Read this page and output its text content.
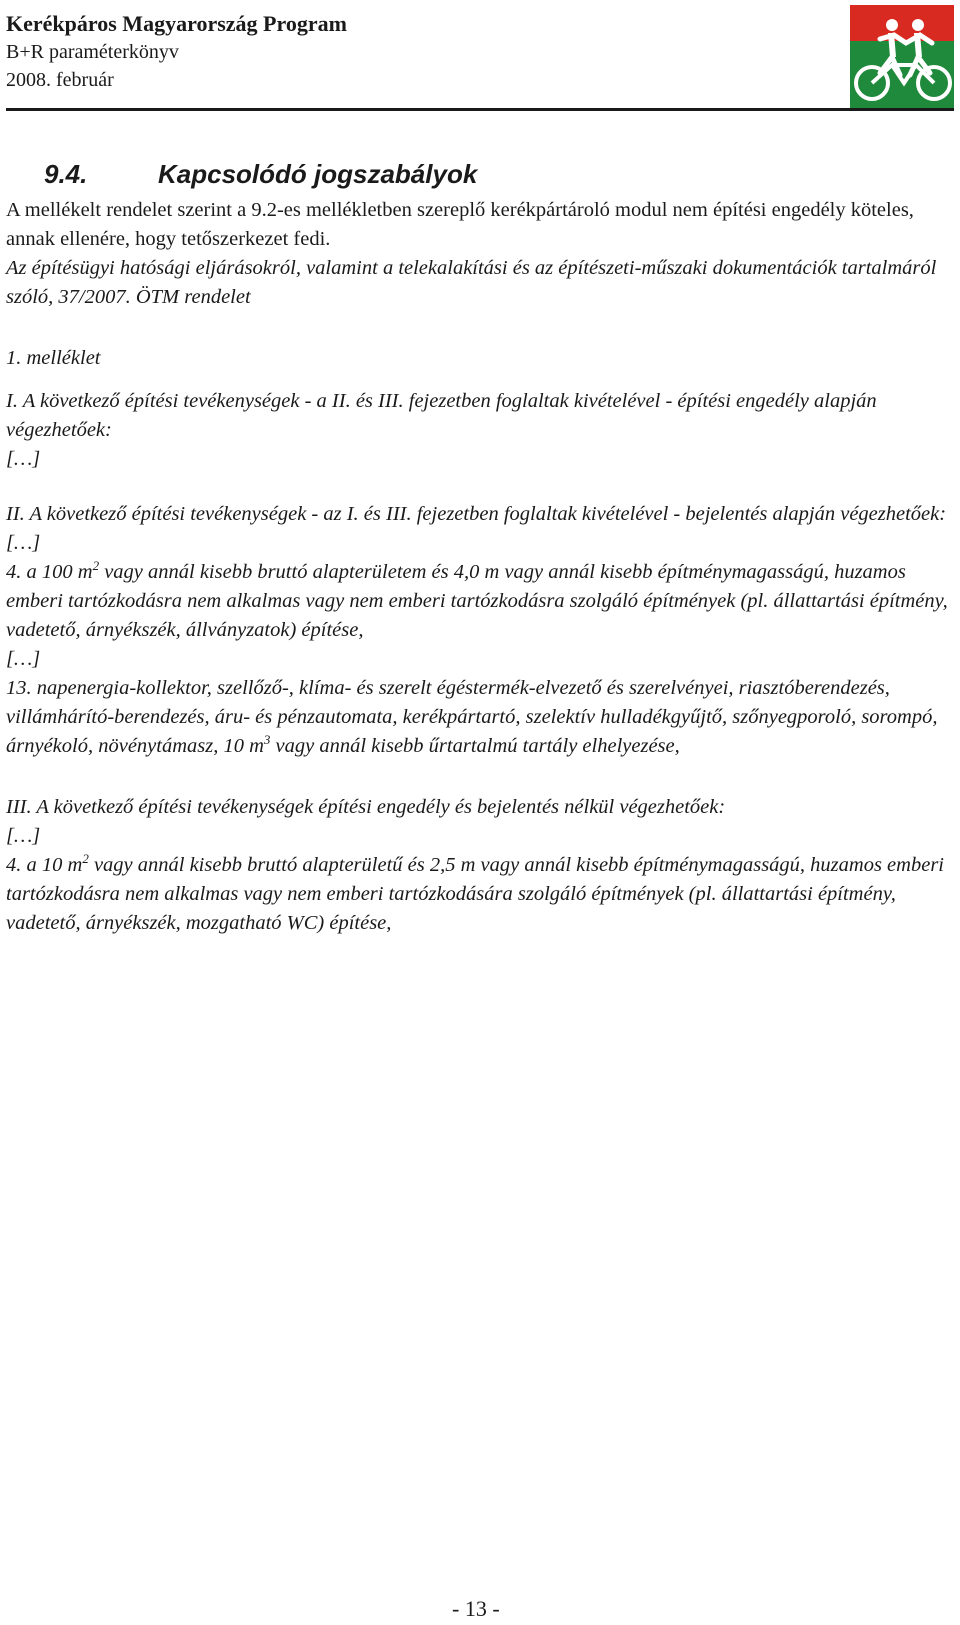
Kerékpáros Magyarország Program
B+R paraméterkönyv
2008. február
9.4.	Kapcsolódó jogszabályok

A mellékelt rendelet szerint a 9.2-es mellékletben szereplő kerékpártároló modul nem építési engedély köteles, annak ellenére, hogy tetőszerkezet fedi.

Az építésügyi hatósági eljárásokról, valamint a telekalakítási és az építészeti-műszaki dokumentációk tartalmáról szóló, 37/2007. ÖTM rendelet

1. melléklet

I. A következő építési tevékenységek - a II. és III. fejezetben foglaltak kivételével - építési engedély alapján végezhetőek:

[…]

II. A következő építési tevékenységek - az I. és III. fejezetben foglaltak kivételével - bejelentés alapján végezhetőek:

[…]

4. a 100 $m^2$ vagy annál kisebb bruttó alapterületem és 4,0 m vagy annál kisebb építménymagasságú, huzamos emberi tartózkodásra nem alkalmas vagy nem emberi tartózkodásra szolgáló építmények (pl. állattartási építmény, vadetető, árnyékszék, állványzatok) építése,

[…]

13. napenergia-kollektor, szellőző-, klíma- és szerelt égéstermék-elvezető és szerelvényei, riasztóberendezés, villámhárító-berendezés, áru- és pénzautomata, kerékpártartó, szelektív hulladékgyűjtő, szőnyegporoló, sorompó, árnyékoló, növénytámasz, 10 $m^3$ vagy annál kisebb űrtartalmú tartály elhelyezése,

III. A következő építési tevékenységek építési engedély és bejelentés nélkül végezhetőek:

[…]

4. a 10 $m^2$ vagy annál kisebb bruttó alapterületű és 2,5 m vagy annál kisebb építménymagasságú, huzamos emberi tartózkodásra nem alkalmas vagy nem emberi tartózkodására szolgáló építmények (pl. állattartási építmény, vadetető, árnyékszék, mozgatható WC) építése,

- 13 -
